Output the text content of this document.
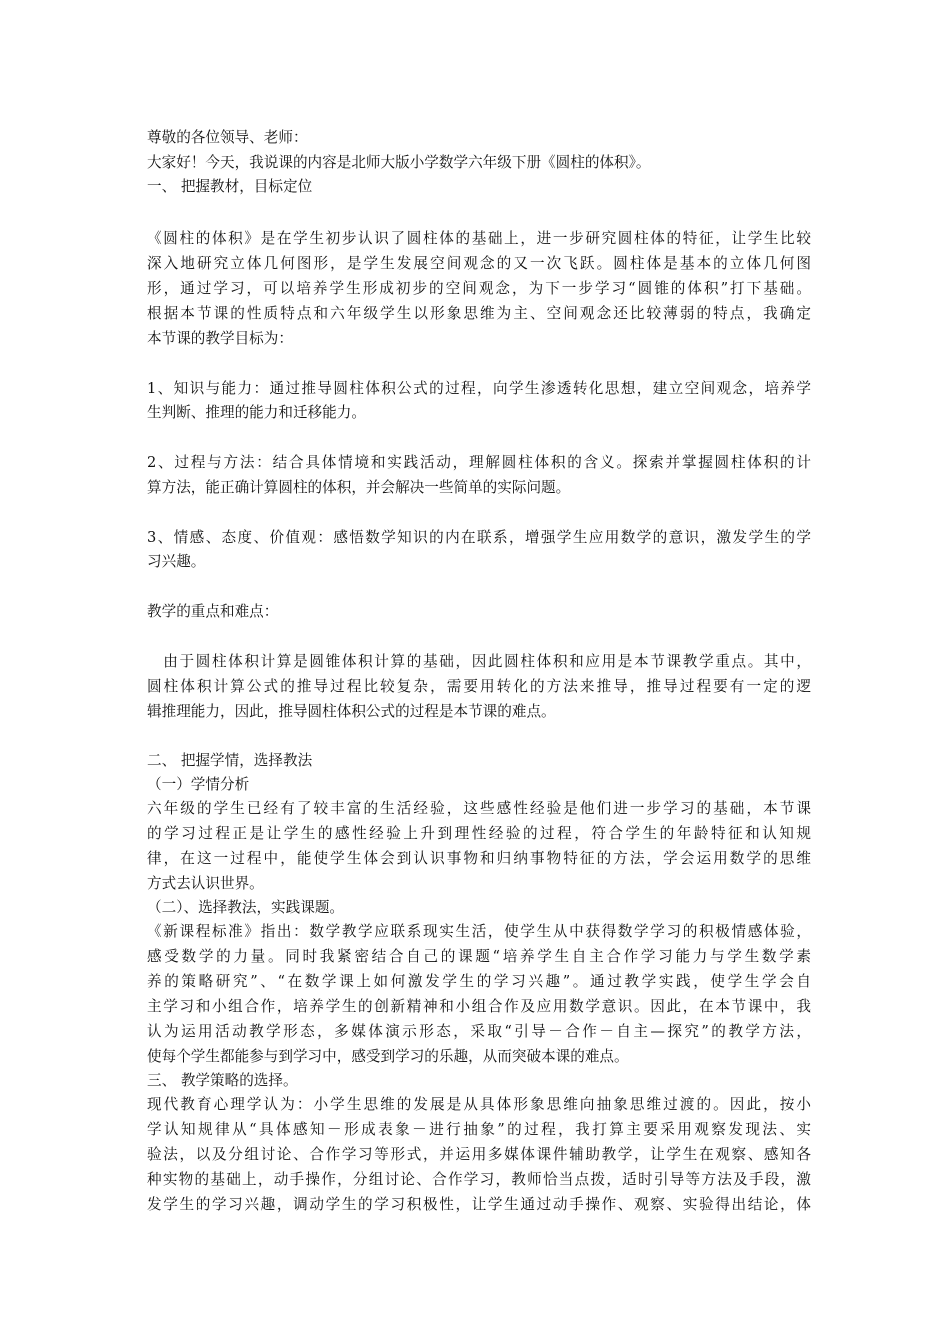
尊敬的各位领导、老师：
大家好！今天，我说课的内容是北师大版小学数学六年级下册《圆柱的体积》。
一、 把握教材，目标定位
《圆柱的体积》是在学生初步认识了圆柱体的基础上，进一步研究圆柱体的特征，让学生比较
深入地研究立体几何图形，是学生发展空间观念的又一次飞跃。圆柱体是基本的立体几何图
形，通过学习，可以培养学生形成初步的空间观念，为下一步学习“圆锥的体积”打下基础。
根据本节课的性质特点和六年级学生以形象思维为主、空间观念还比较薄弱的特点，我确定
本节课的教学目标为：
1、知识与能力：通过推导圆柱体积公式的过程，向学生渗透转化思想，建立空间观念，培养学
生判断、推理的能力和迁移能力。
2、过程与方法：结合具体情境和实践活动，理解圆柱体积的含义。探索并掌握圆柱体积的计
算方法，能正确计算圆柱的体积，并会解决一些简单的实际问题。
3、情感、态度、价值观：感悟数学知识的内在联系，增强学生应用数学的意识，激发学生的学
习兴趣。
教学的重点和难点：
　由于圆柱体积计算是圆锥体积计算的基础，因此圆柱体积和应用是本节课教学重点。其中，
圆柱体积计算公式的推导过程比较复杂，需要用转化的方法来推导，推导过程要有一定的逻
辑推理能力，因此，推导圆柱体积公式的过程是本节课的难点。
二、 把握学情，选择教法
（一）学情分析
六年级的学生已经有了较丰富的生活经验，这些感性经验是他们进一步学习的基础，本节课
的学习过程正是让学生的感性经验上升到理性经验的过程，符合学生的年龄特征和认知规
律，在这一过程中，能使学生体会到认识事物和归纳事物特征的方法，学会运用数学的思维
方式去认识世界。
（二）、选择教法，实践课题。
《新课程标准》指出：数学教学应联系现实生活，使学生从中获得数学学习的积极情感体验，
感受数学的力量。同时我紧密结合自己的课题“培养学生自主合作学习能力与学生数学素
养的策略研究”、“在数学课上如何激发学生的学习兴趣”。通过教学实践，使学生学会自
主学习和小组合作，培养学生的创新精神和小组合作及应用数学意识。因此，在本节课中，我
认为运用活动教学形态，多媒体演示形态，采取“引导－合作－自主—探究”的教学方法，
使每个学生都能参与到学习中，感受到学习的乐趣，从而突破本课的难点。
三、 教学策略的选择。
现代教育心理学认为：小学生思维的发展是从具体形象思维向抽象思维过渡的。因此，按小
学认知规律从“具体感知－形成表象－进行抽象”的过程，我打算主要采用观察发现法、实
验法，以及分组讨论、合作学习等形式，并运用多媒体课件辅助教学，让学生在观察、感知各
种实物的基础上，动手操作，分组讨论、合作学习，教师恰当点拨，适时引导等方法及手段，激
发学生的学习兴趣，调动学生的学习积极性，让学生通过动手操作、观察、实验得出结论，体
